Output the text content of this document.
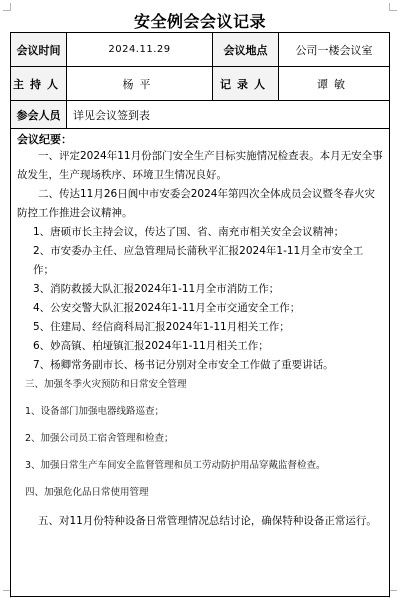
安全例会会议记录
会议时间	2024.11.29	会议地点	公司一楼会议室
主持人	杨平	记录人	谭敏
参会人员	详见会议签到表
会议纪要：

一、评定2024年11月份部门安全生产目标实施情况检查表。本月无安全事故发生，生产现场秩序、环境卫生情况良好。

二、传达11月26日阆中市安委会2024年第四次全体成员会议暨冬春火灾防控工作推进会议精神。

1、唐硕市长主持会议，传达了国、省、南充市相关安全会议精神；

2、市安委办主任、应急管理局长蒲秋平汇报2024年1-11月全市安全工作；

3、消防救援大队汇报2024年1-11月全市消防工作；

4、公安交警大队汇报2024年1-11月全市交通安全工作；

5、住建局、经信商科局汇报2024年1-11月相关工作；

6、妙高镇、柏垭镇汇报2024年1-11月相关工作；

7、杨卿常务副市长、杨书记分别对全市安全工作做了重要讲话。

三、加强冬季火灾预防和日常安全管理

1、设备部门加强电器线路巡查；

2、加强公司员工宿舍管理和检查；

3、加强日常生产车间安全监督管理和员工劳动防护用品穿戴监督检查。

四、加强危化品日常使用管理

五、对11月份特种设备日常管理情况总结讨论，确保特种设备正常运行。
